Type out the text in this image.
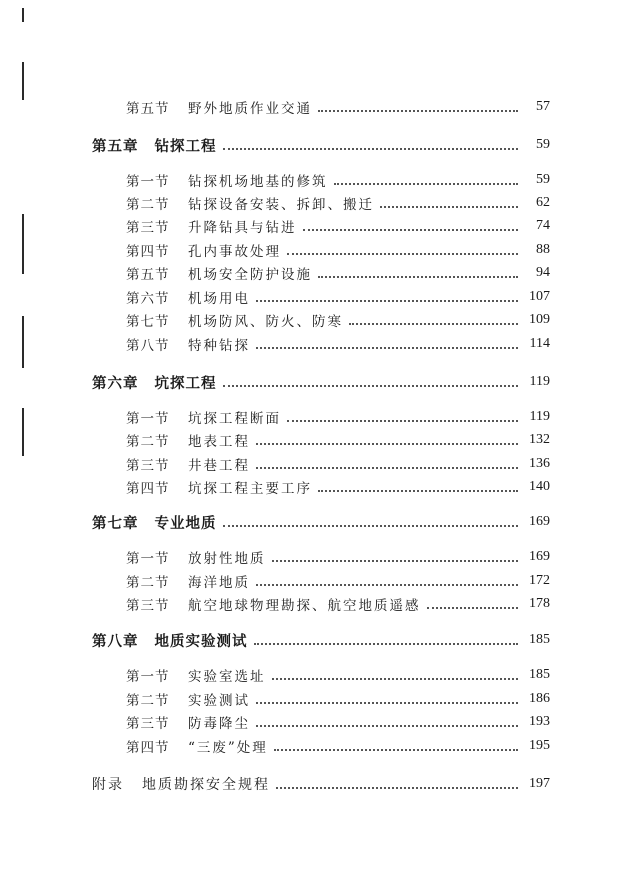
第五节	野外地质作业交通	57
第五章 钻探工程	59
第一节	钻探机场地基的修筑	59
第二节	钻探设备安装、拆卸、搬迁	62
第三节	升降钻具与钻进	74
第四节	孔内事故处理	88
第五节	机场安全防护设施	94
第六节	机场用电	107
第七节	机场防风、防火、防寒	109
第八节	特种钻探	114
第六章 坑探工程	119
第一节	坑探工程断面	119
第二节	地表工程	132
第三节	井巷工程	136
第四节	坑探工程主要工序	140
第七章 专业地质	169
第一节	放射性地质	169
第二节	海洋地质	172
第三节	航空地球物理勘探、航空地质遥感	178
第八章 地质实验测试	185
第一节	实验室选址	185
第二节	实验测试	186
第三节	防毒降尘	193
第四节	“三废”处理	195
附录 地质勘探安全规程	197
